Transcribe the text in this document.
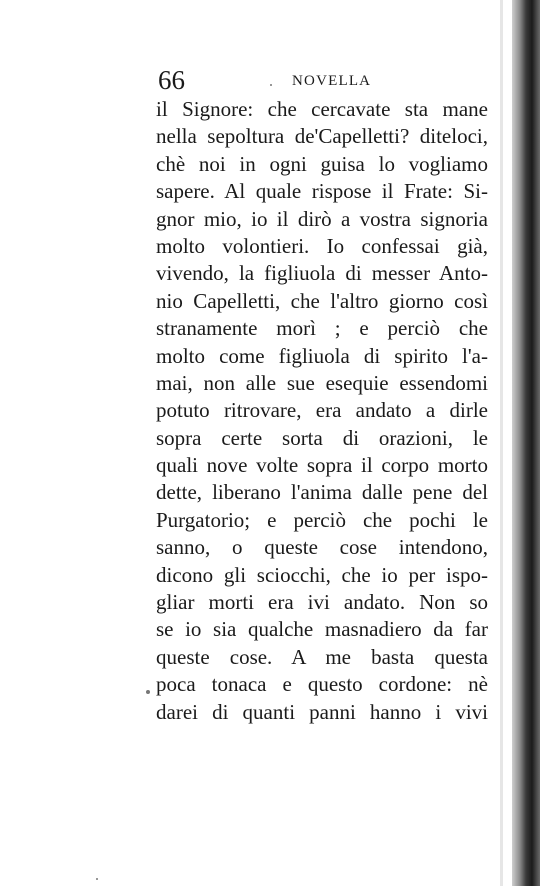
66	NOVELLA
il Signore: che cercavate sta mane
nella sepoltura de'Capelletti? diteloci,
chè noi in ogni guisa lo vogliamo
sapere. Al quale rispose il Frate: Si-
gnor mio, io il dirò a vostra signoria
molto volontieri. Io confessai già,
vivendo, la figliuola di messer Anto-
nio Capelletti, che l'altro giorno così
stranamente morì ; e perciò che
molto come figliuola di spirito l'a-
mai, non alle sue esequie essendomi
potuto ritrovare, era andato a dirle
sopra certe sorta di orazioni, le
quali nove volte sopra il corpo morto
dette, liberano l'anima dalle pene del
Purgatorio; e perciò che pochi le
sanno, o queste cose intendono,
dicono gli sciocchi, che io per ispo-
gliar morti era ivi andato. Non so
se io sia qualche masnadiero da far
queste cose. A me basta questa
poca tonaca e questo cordone: nè
darei di quanti panni hanno i vivi
